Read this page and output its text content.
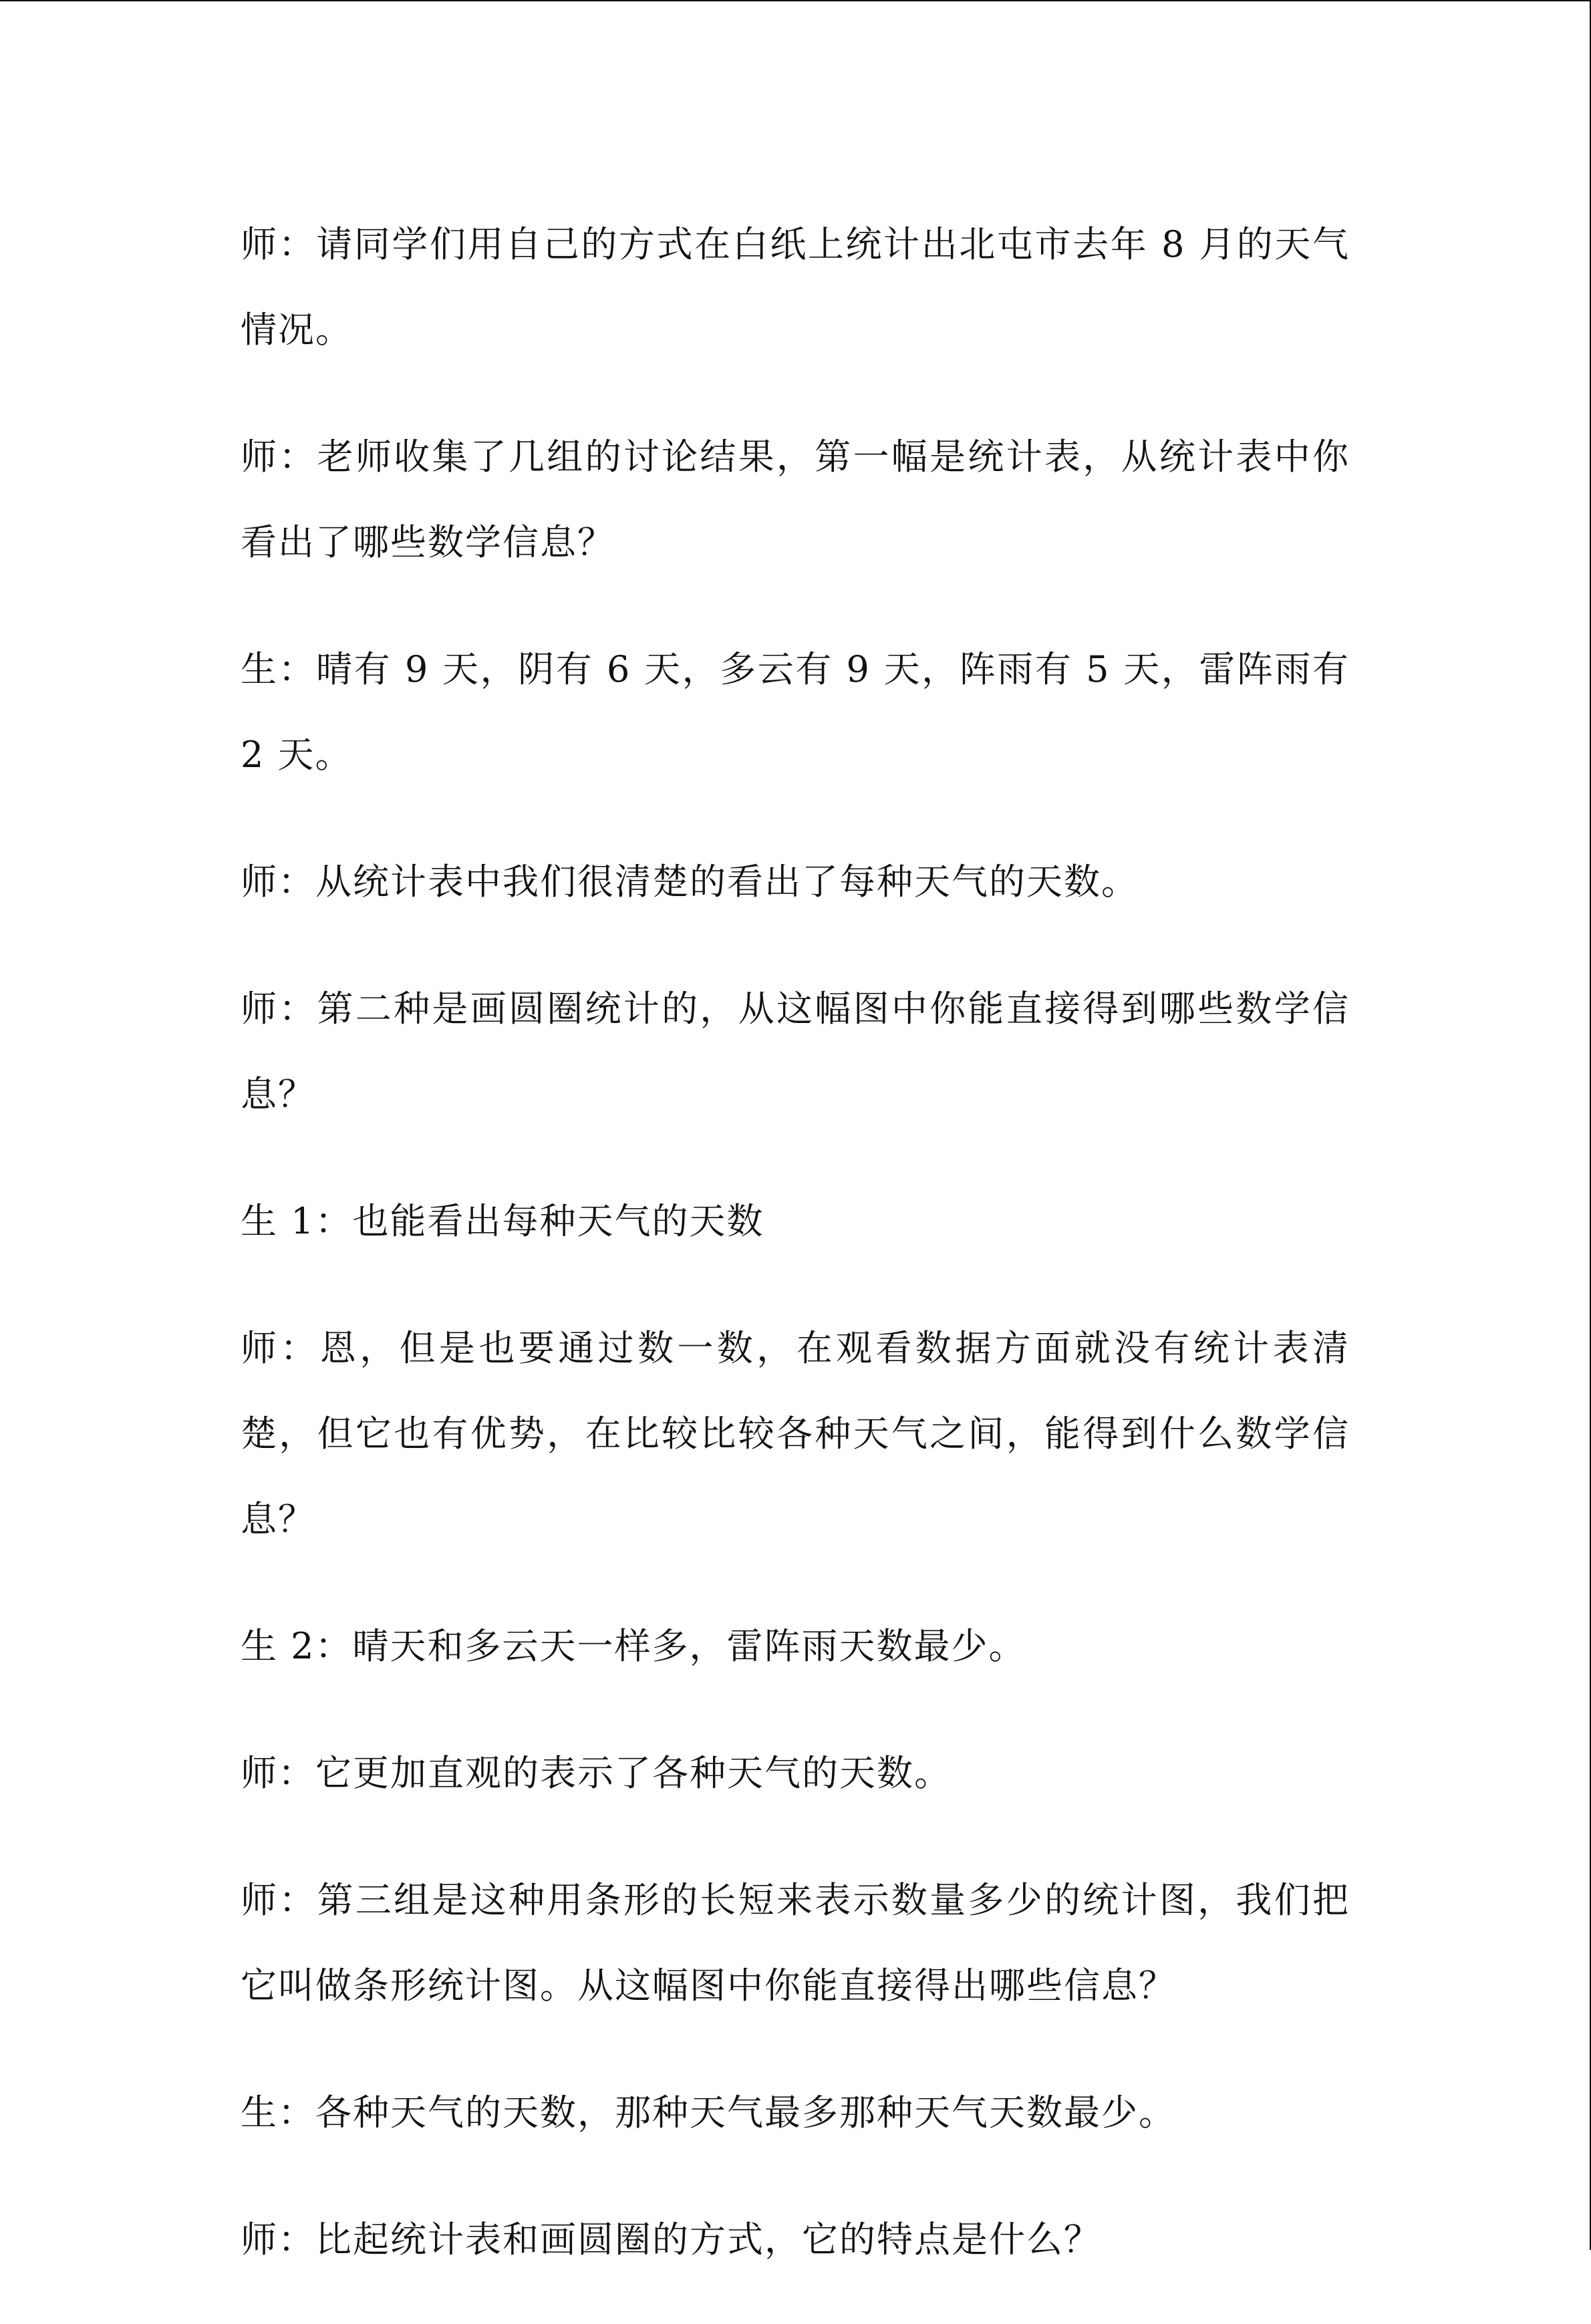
师：请同学们用自己的方式在白纸上统计出北屯市去年 8 月的天气情况。

师：老师收集了几组的讨论结果，第一幅是统计表，从统计表中你看出了哪些数学信息？

生：晴有 9 天，阴有 6 天，多云有 9 天，阵雨有 5 天，雷阵雨有 2 天。

师：从统计表中我们很清楚的看出了每种天气的天数。

师：第二种是画圆圈统计的，从这幅图中你能直接得到哪些数学信息？

生 1：也能看出每种天气的天数

师：恩，但是也要通过数一数，在观看数据方面就没有统计表清楚，但它也有优势，在比较比较各种天气之间，能得到什么数学信息？

生 2：晴天和多云天一样多，雷阵雨天数最少。

师：它更加直观的表示了各种天气的天数。

师：第三组是这种用条形的长短来表示数量多少的统计图，我们把它叫做条形统计图。从这幅图中你能直接得出哪些信息？

生：各种天气的天数，那种天气最多那种天气天数最少。

师：比起统计表和画圆圈的方式，它的特点是什么？
